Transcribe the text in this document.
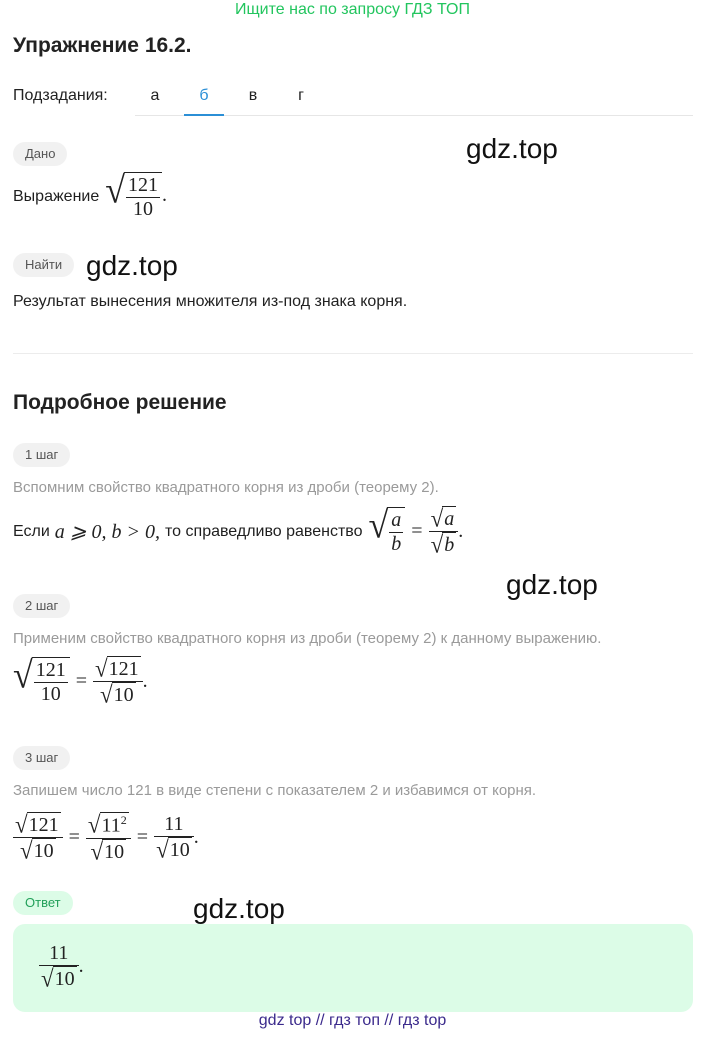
Ищите нас по запросу ГДЗ ТОП
Упражнение 16.2.
Подзадания:	а	б	в	г
Дано
Выражение √ $\frac{121}{10}$ .
Найти
Результат вынесения множителя из-под знака корня.
Подробное решение
1 шаг
Вспомним свойство квадратного корня из дроби (теорему 2).
Если a ⩾ 0, b > 0, то справедливо равенство √ $\frac{a}{b} = \frac{√ a}{√ b}$ .
2 шаг
Применим свойство квадратного корня из дроби (теорему 2) к данному выражению.
√ $\frac{121}{10} = \frac{√ 121}{√ 10}$ .
3 шаг
Запишем число 121 в виде степени с показателем 2 и избавимся от корня.
$\frac{√ 121}{√ 10} = \frac{√ 11^2}{√ 10} = \frac{11}{√ 10}$ .
Ответ
$\frac{11}{√ 10}$ .
gdz.top
gdz.top
gdz.top
gdz.top
gdz top // гдз топ // гдз top
